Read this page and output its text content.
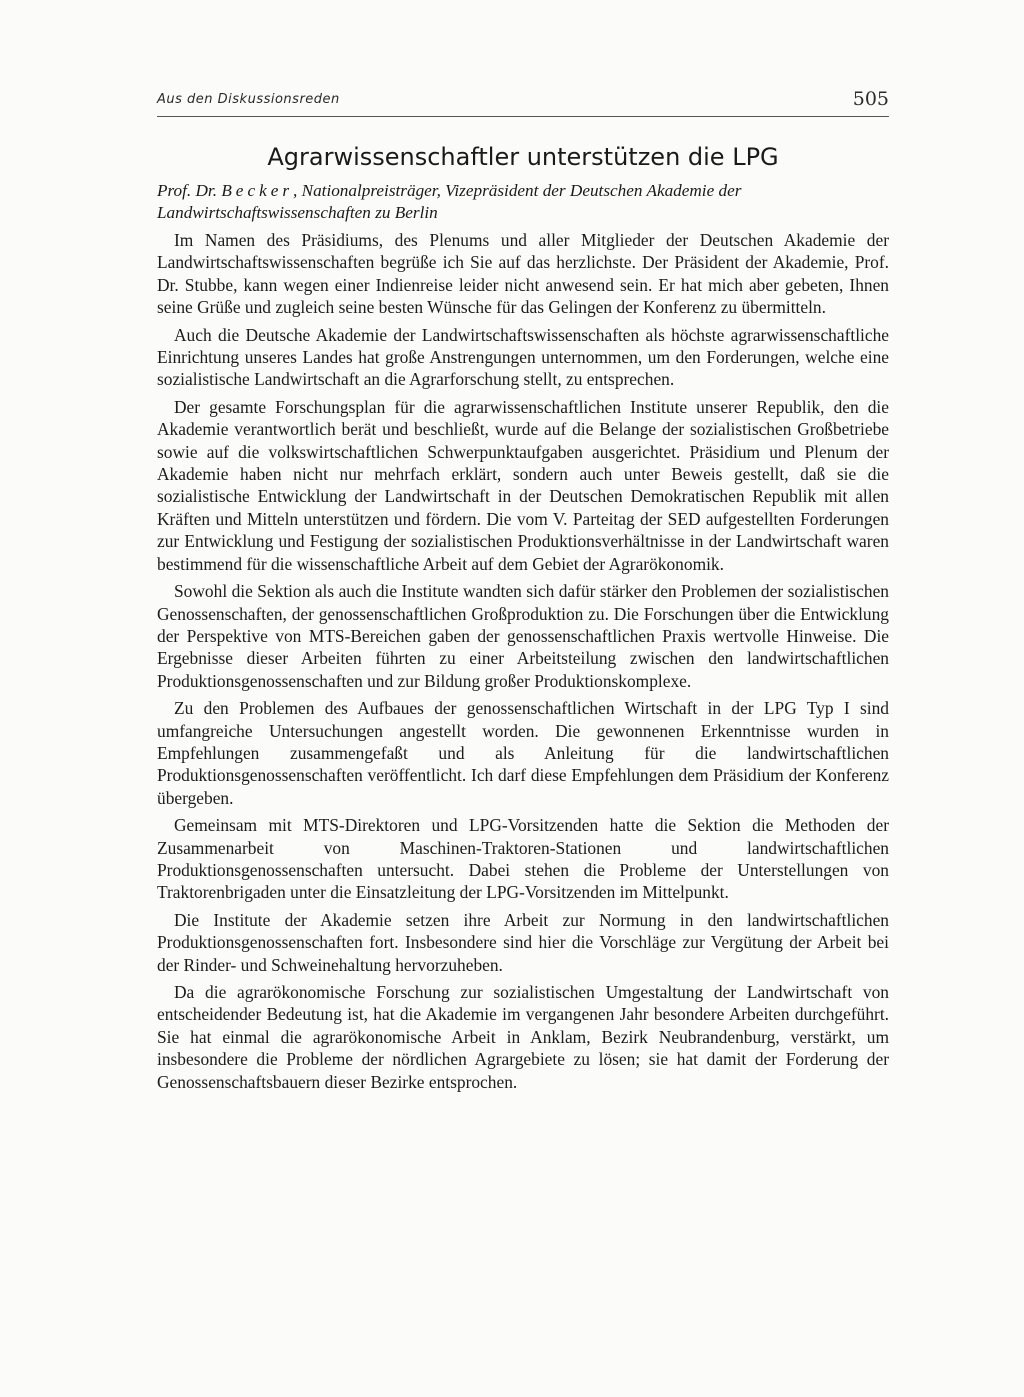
Aus den Diskussionsreden	505
Agrarwissenschaftler unterstützen die LPG
Prof. Dr. Becker, Nationalpreisträger, Vizepräsident der Deutschen Akademie der Landwirtschaftswissenschaften zu Berlin

Im Namen des Präsidiums, des Plenums und aller Mitglieder der Deutschen Akademie der Landwirtschaftswissenschaften begrüße ich Sie auf das herzlichste. Der Präsident der Akademie, Prof. Dr. Stubbe, kann wegen einer Indienreise leider nicht anwesend sein. Er hat mich aber gebeten, Ihnen seine Grüße und zugleich seine besten Wünsche für das Gelingen der Konferenz zu übermitteln.

Auch die Deutsche Akademie der Landwirtschaftswissenschaften als höchste agrarwissenschaftliche Einrichtung unseres Landes hat große Anstrengungen unternommen, um den Forderungen, welche eine sozialistische Landwirtschaft an die Agrarforschung stellt, zu entsprechen.

Der gesamte Forschungsplan für die agrarwissenschaftlichen Institute unserer Republik, den die Akademie verantwortlich berät und beschließt, wurde auf die Belange der sozialistischen Großbetriebe sowie auf die volkswirtschaftlichen Schwerpunktaufgaben ausgerichtet. Präsidium und Plenum der Akademie haben nicht nur mehrfach erklärt, sondern auch unter Beweis gestellt, daß sie die sozialistische Entwicklung der Landwirtschaft in der Deutschen Demokratischen Republik mit allen Kräften und Mitteln unterstützen und fördern. Die vom V. Parteitag der SED aufgestellten Forderungen zur Entwicklung und Festigung der sozialistischen Produktionsverhältnisse in der Landwirtschaft waren bestimmend für die wissenschaftliche Arbeit auf dem Gebiet der Agrarökonomik.

Sowohl die Sektion als auch die Institute wandten sich dafür stärker den Problemen der sozialistischen Genossenschaften, der genossenschaftlichen Großproduktion zu. Die Forschungen über die Entwicklung der Perspektive von MTS-Bereichen gaben der genossenschaftlichen Praxis wertvolle Hinweise. Die Ergebnisse dieser Arbeiten führten zu einer Arbeitsteilung zwischen den landwirtschaftlichen Produktionsgenossenschaften und zur Bildung großer Produktionskomplexe.

Zu den Problemen des Aufbaues der genossenschaftlichen Wirtschaft in der LPG Typ I sind umfangreiche Untersuchungen angestellt worden. Die gewonnenen Erkenntnisse wurden in Empfehlungen zusammengefaßt und als Anleitung für die landwirtschaftlichen Produktionsgenossenschaften veröffentlicht. Ich darf diese Empfehlungen dem Präsidium der Konferenz übergeben.

Gemeinsam mit MTS-Direktoren und LPG-Vorsitzenden hatte die Sektion die Methoden der Zusammenarbeit von Maschinen-Traktoren-Stationen und landwirtschaftlichen Produktionsgenossenschaften untersucht. Dabei stehen die Probleme der Unterstellungen von Traktorenbrigaden unter die Einsatzleitung der LPG-Vorsitzenden im Mittelpunkt.

Die Institute der Akademie setzen ihre Arbeit zur Normung in den landwirtschaftlichen Produktionsgenossenschaften fort. Insbesondere sind hier die Vorschläge zur Vergütung der Arbeit bei der Rinder- und Schweinehaltung hervorzuheben.

Da die agrarökonomische Forschung zur sozialistischen Umgestaltung der Landwirtschaft von entscheidender Bedeutung ist, hat die Akademie im vergangenen Jahr besondere Arbeiten durchgeführt. Sie hat einmal die agrarökonomische Arbeit in Anklam, Bezirk Neubrandenburg, verstärkt, um insbesondere die Probleme der nördlichen Agrargebiete zu lösen; sie hat damit der Forderung der Genossenschaftsbauern dieser Bezirke entsprochen.
